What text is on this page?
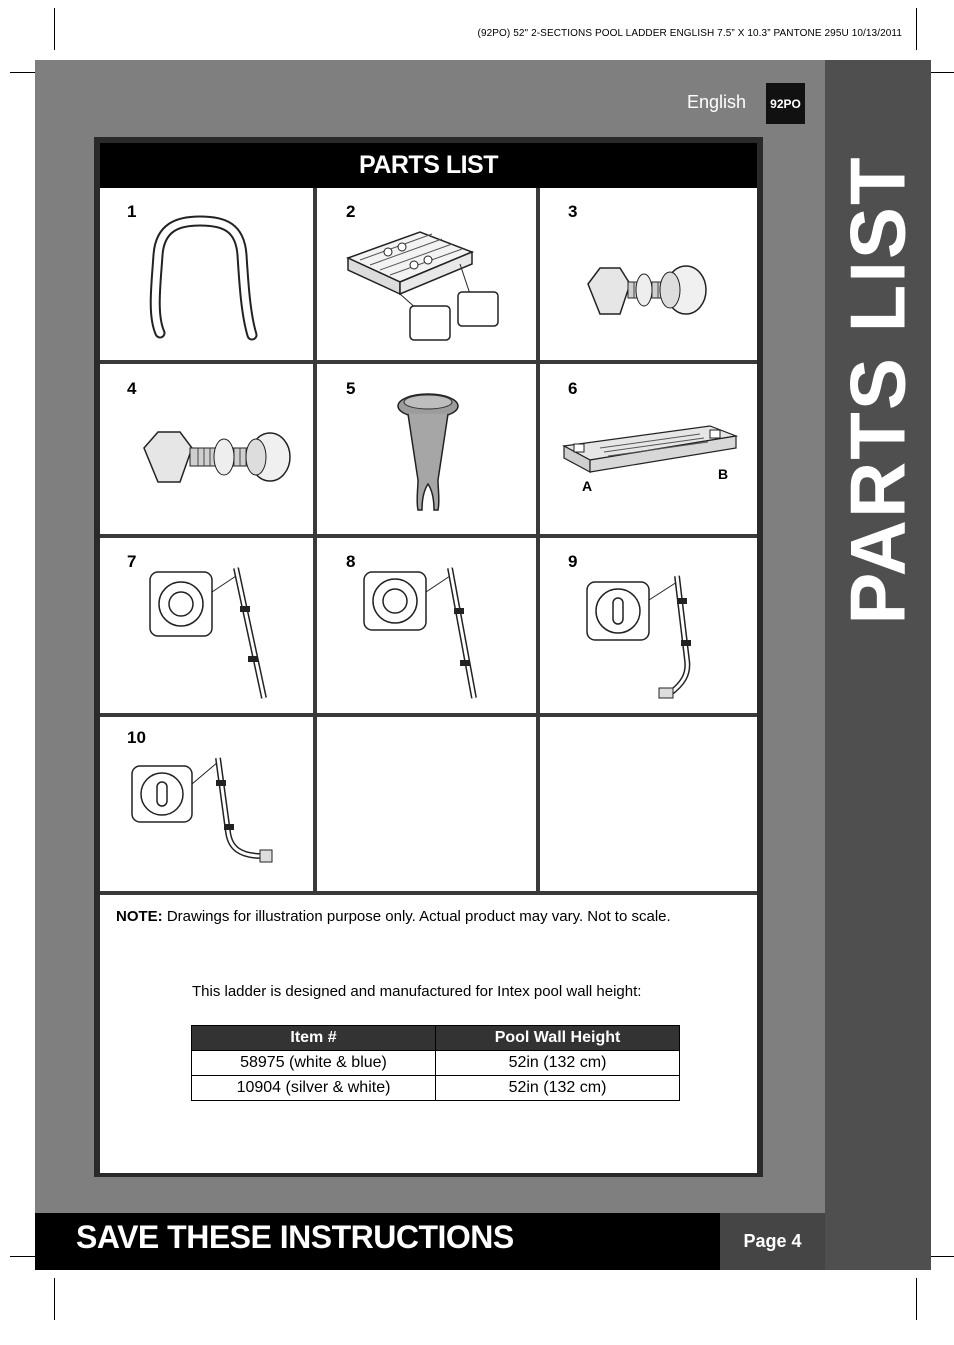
(92PO) 52" 2-SECTIONS POOL LADDER ENGLISH 7.5” X 10.3” PANTONE 295U 10/13/2011
PARTS LIST
English	92PO
PARTS LIST
1	2	3
4	5	6
7	8	9
10
A
B
NOTE: Drawings for illustration purpose only. Actual product may vary. Not to scale.
This ladder is designed and manufactured for Intex pool wall height:
Item #	Pool Wall Height
58975 (white & blue)	52in (132 cm)
10904 (silver & white)	52in (132 cm)
SAVE THESE INSTRUCTIONS	Page 4
